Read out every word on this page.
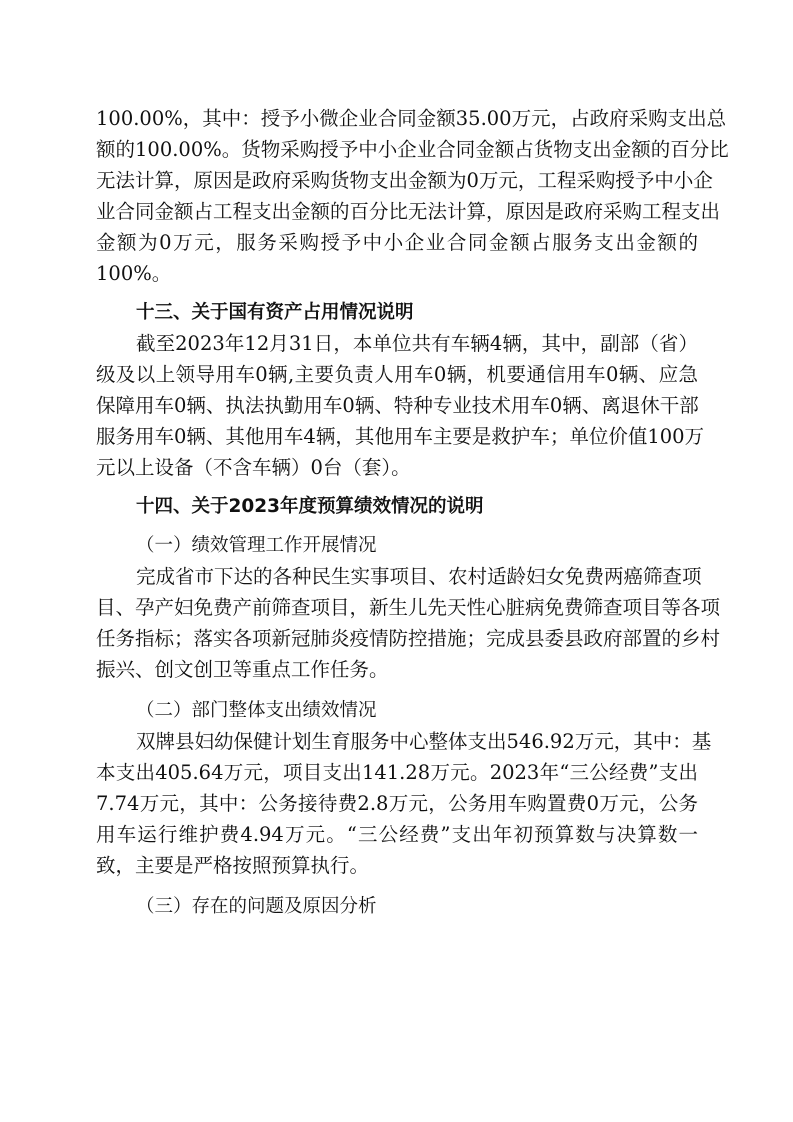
100.00%，其中：授予小微企业合同金额35.00万元，占政府采购支出总
额的100.00%。货物采购授予中小企业合同金额占货物支出金额的百分比
无法计算，原因是政府采购货物支出金额为0万元，工程采购授予中小企
业合同金额占工程支出金额的百分比无法计算，原因是政府采购工程支出
金额为0万元，服务采购授予中小企业合同金额占服务支出金额的
100%。
十三、关于国有资产占用情况说明
截至2023年12月31日，本单位共有车辆4辆，其中，副部（省）
级及以上领导用车0辆,主要负责人用车0辆，机要通信用车0辆、应急
保障用车0辆、执法执勤用车0辆、特种专业技术用车0辆、离退休干部
服务用车0辆、其他用车4辆，其他用车主要是救护车；单位价值100万
元以上设备（不含车辆）0台（套）。
十四、关于2023年度预算绩效情况的说明
（一）绩效管理工作开展情况
完成省市下达的各种民生实事项目、农村适龄妇女免费两癌筛查项
目、孕产妇免费产前筛查项目，新生儿先天性心脏病免费筛查项目等各项
任务指标；落实各项新冠肺炎疫情防控措施；完成县委县政府部置的乡村
振兴、创文创卫等重点工作任务。
（二）部门整体支出绩效情况
双牌县妇幼保健计划生育服务中心整体支出546.92万元，其中：基
本支出405.64万元，项目支出141.28万元。2023年“三公经费”支出
7.74万元，其中：公务接待费2.8万元，公务用车购置费0万元，公务
用车运行维护费4.94万元。“三公经费”支出年初预算数与决算数一
致，主要是严格按照预算执行。
（三）存在的问题及原因分析
